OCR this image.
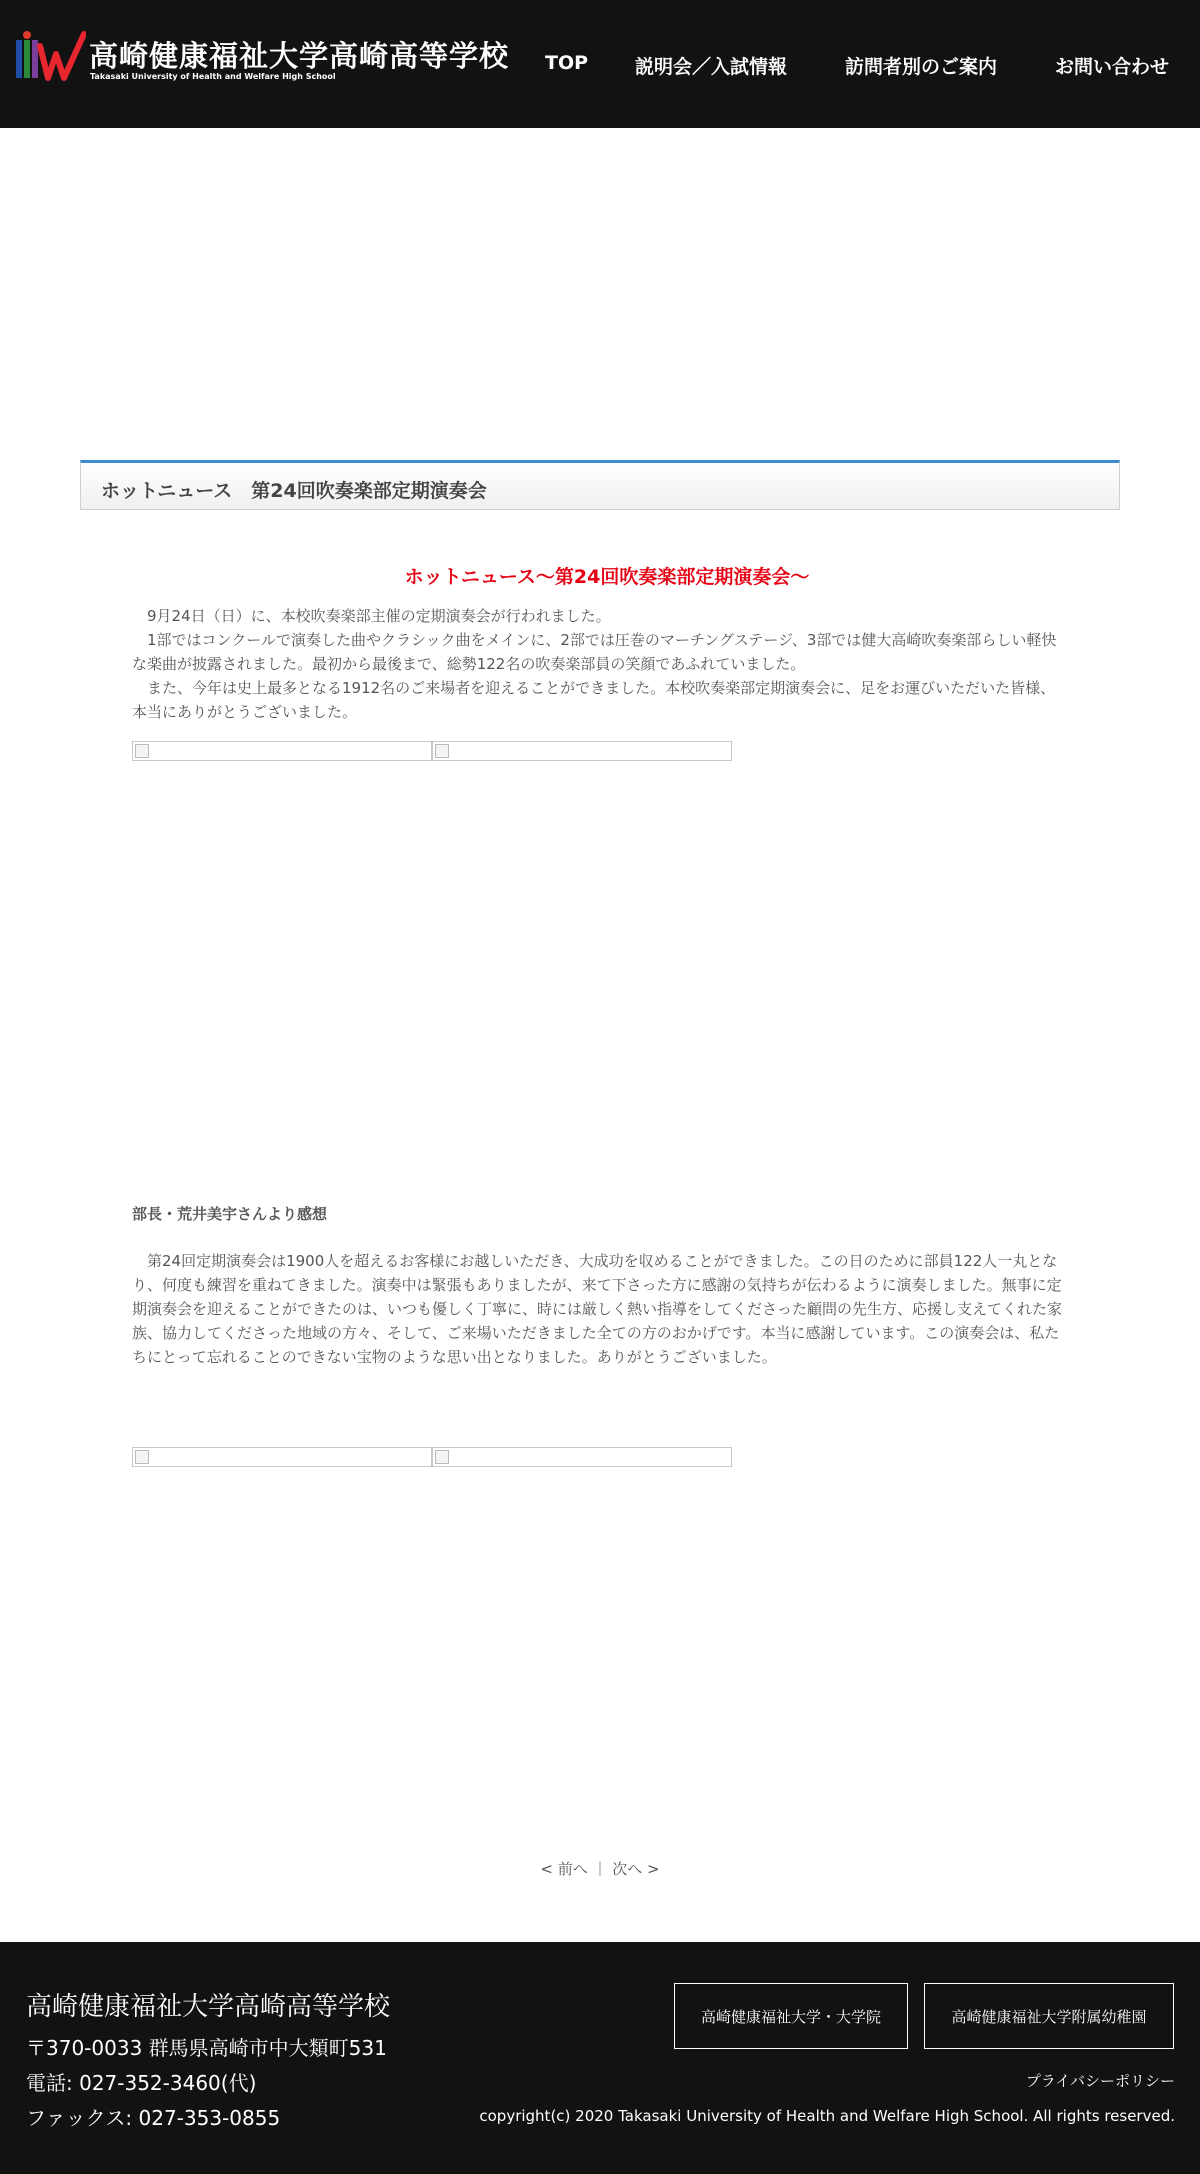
高崎健康福祉大学高崎高等学校
Takasaki University of Health and Welfare High School
TOP 説明会／入試情報	訪問者別のご案内	お問い合わせ
ホットニュース　第24回吹奏楽部定期演奏会
ホットニュース～第24回吹奏楽部定期演奏会～
　9月24日（日）に、本校吹奏楽部主催の定期演奏会が行われました。
　1部ではコンクールで演奏した曲やクラシック曲をメインに、2部では圧巻のマーチングステージ、3部では健大高崎吹奏楽部らしい軽快な楽曲が披露されました。最初から最後まで、総勢122名の吹奏楽部員の笑顔であふれていました。
　また、今年は史上最多となる1912名のご来場者を迎えることができました。本校吹奏楽部定期演奏会に、足をお運びいただいた皆様、本当にありがとうございました。
部長・荒井美宇さんより感想
　第24回定期演奏会は1900人を超えるお客様にお越しいただき、大成功を収めることができました。この日のために部員122人一丸となり、何度も練習を重ねてきました。演奏中は緊張もありましたが、来て下さった方に感謝の気持ちが伝わるように演奏しました。無事に定期演奏会を迎えることができたのは、いつも優しく丁寧に、時には厳しく熱い指導をしてくださった顧問の先生方、応援し支えてくれた家族、協力してくださった地域の方々、そして、ご来場いただきました全ての方のおかげです。本当に感謝しています。この演奏会は、私たちにとって忘れることのできない宝物のような思い出となりました。ありがとうございました。
< 前へ ｜ 次へ >
高崎健康福祉大学高崎高等学校
〒370-0033 群馬県高崎市中大類町531
電話: 027-352-3460(代)
ファックス: 027-353-0855
高崎健康福祉大学・大学院	高崎健康福祉大学附属幼稚園
プライバシーポリシー
copyright(c) 2020 Takasaki University of Health and Welfare High School. All rights reserved.
